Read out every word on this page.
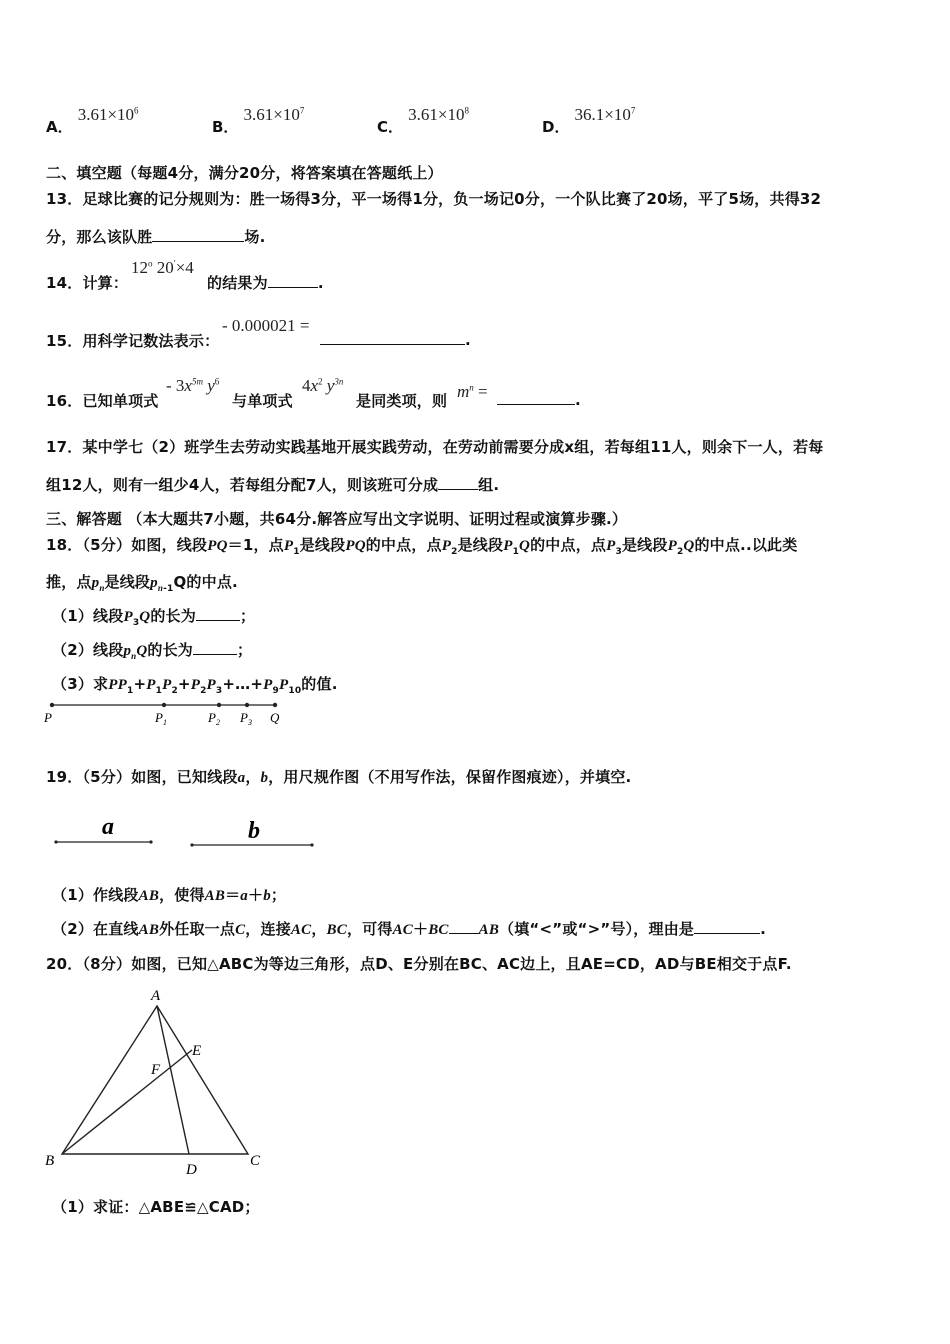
A． $3.61\times 10^6$
B． $3.61\times 10^7$
C． $3.61\times 10^8$
D． $36.1\times 10^7$
二、填空题（每题4分，满分20分，将答案填在答题纸上）
13．足球比赛的记分规则为：胜一场得3分，平一场得1分，负一场记0分，一个队比赛了20场，平了5场，共得32
分，那么该队胜	场.
14．计算：
12$^o$ 20′×4
的结果为	.
15．用科学记数法表示：
- 0.000021 =
.
16．已知单项式
- $3x^{5m}$ $y^6$
与单项式
$4x^2$ $y^{3n}$
是同类项，则 $m^n$ =	.
17．某中学七（2）班学生去劳动实践基地开展实践劳动，在劳动前需要分成x组，若每组11人，则余下一人，若每
组12人，则有一组少4人，若每组分配7人，则该班可分成	组.
三、解答题 （本大题共7小题，共64分.解答应写出文字说明、证明过程或演算步骤.）
18．（5分）如图，线段PQ＝1，点$P_1$是线段PQ的中点，点$P_2$是线段$P_1Q$的中点，点$P_3$是线段$P_2Q$的中点..以此类
推，点$p_n$是线段$p_{n-1}Q$的中点.
（1）线段$P_3Q$的长为	；
（2）线段$p_nQ$的长为	；
（3）求$PP_1+P_1P_2+P_2P_3+\dots+P_9P_{10}$的值.
P	$P_1$	$P_2$ $P_3$ Q
19．（5分）如图，已知线段a，b，用尺规作图（不用写作法，保留作图痕迹），并填空.
a	b
（1）作线段AB，使得AB＝a＋b；
（2）在直线AB外任取一点C，连接AC，BC，可得AC＋BC AB（填“<”或“>”号），理由是	.
20．（8分）如图，已知△ABC为等边三角形，点D、E分别在BC、AC边上，且AE=CD，AD与BE相交于点F.
A
B	C
D
E
F
（1）求证：△ABE≌△CAD；
